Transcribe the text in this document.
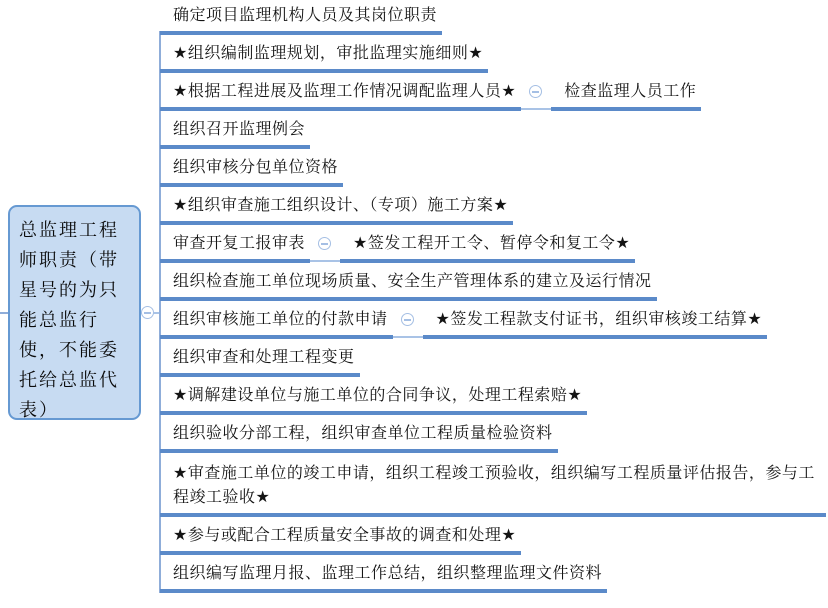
总监理工程师职责（带星号的为只能总监行使，不能委托给总监代表）
确定项目监理机构人员及其岗位职责
★组织编制监理规划，审批监理实施细则★
★根据工程进展及监理工作情况调配监理人员★	检查监理人员工作
组织召开监理例会
组织审核分包单位资格
★组织审查施工组织设计、（专项）施工方案★
审查开复工报审表	★签发工程开工令、暂停令和复工令★
组织检查施工单位现场质量、安全生产管理体系的建立及运行情况
组织审核施工单位的付款申请	★签发工程款支付证书，组织审核竣工结算★
组织审查和处理工程变更
★调解建设单位与施工单位的合同争议，处理工程索赔★
组织验收分部工程，组织审查单位工程质量检验资料
★审查施工单位的竣工申请，组织工程竣工预验收，组织编写工程质量评估报告，参与工程竣工验收★
★参与或配合工程质量安全事故的调查和处理★
组织编写监理月报、监理工作总结，组织整理监理文件资料
